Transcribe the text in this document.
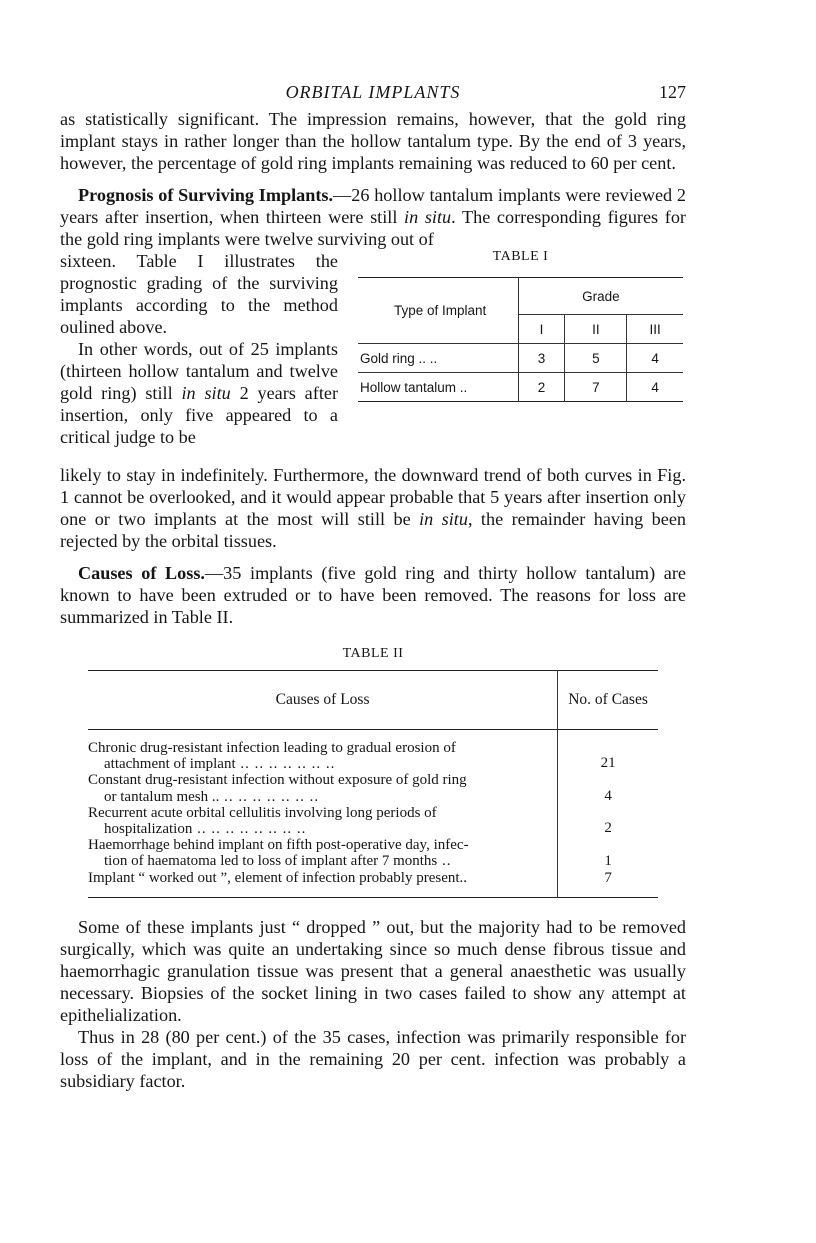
ORBITAL IMPLANTS	127

as statistically significant. The impression remains, however, that the gold ring implant stays in rather longer than the hollow tantalum type. By the end of 3 years, however, the percentage of gold ring implants remaining was reduced to 60 per cent.

Prognosis of Surviving Implants.—26 hollow tantalum implants were reviewed 2 years after insertion, when thirteen were still in situ. The corresponding figures for the gold ring implants were twelve surviving out of

sixteen. Table I illustrates the prognostic grading of the surviving implants according to the method oulined above.

In other words, out of 25 implants (thirteen hollow tantalum and twelve gold ring) still in situ 2 years after insertion, only five appeared to a critical judge to be

TABLE I
Type of Implant	Grade		
	I	II	III
Gold ring .. ..	3	5	4
Hollow tantalum ..	2	7	4

likely to stay in indefinitely. Furthermore, the downward trend of both curves in Fig. 1 cannot be overlooked, and it would appear probable that 5 years after insertion only one or two implants at the most will still be in situ, the remainder having been rejected by the orbital tissues.

Causes of Loss.—35 implants (five gold ring and thirty hollow tantalum) are known to have been extruded or to have been removed. The reasons for loss are summarized in Table II.

TABLE II
Causes of Loss	No. of Cases

Chronic drug-resistant infection leading to gradual erosion of
attachment of implant .. .. .. .. .. .. ..	21

Constant drug-resistant infection without exposure of gold ring
or tantalum mesh .. .. .. .. .. .. .. ..	4

Recurrent acute orbital cellulitis involving long periods of
hospitalization .. .. .. .. .. .. .. ..	2

Haemorrhage behind implant on fifth post-operative day, infec-
tion of haematoma led to loss of implant after 7 months ..	1

Implant “ worked out ”, element of infection probably present..	7

Some of these implants just “ dropped ” out, but the majority had to be removed surgically, which was quite an undertaking since so much dense fibrous tissue and haemorrhagic granulation tissue was present that a general anaesthetic was usually necessary. Biopsies of the socket lining in two cases failed to show any attempt at epithelialization.

Thus in 28 (80 per cent.) of the 35 cases, infection was primarily responsible for loss of the implant, and in the remaining 20 per cent. infection was probably a subsidiary factor.
